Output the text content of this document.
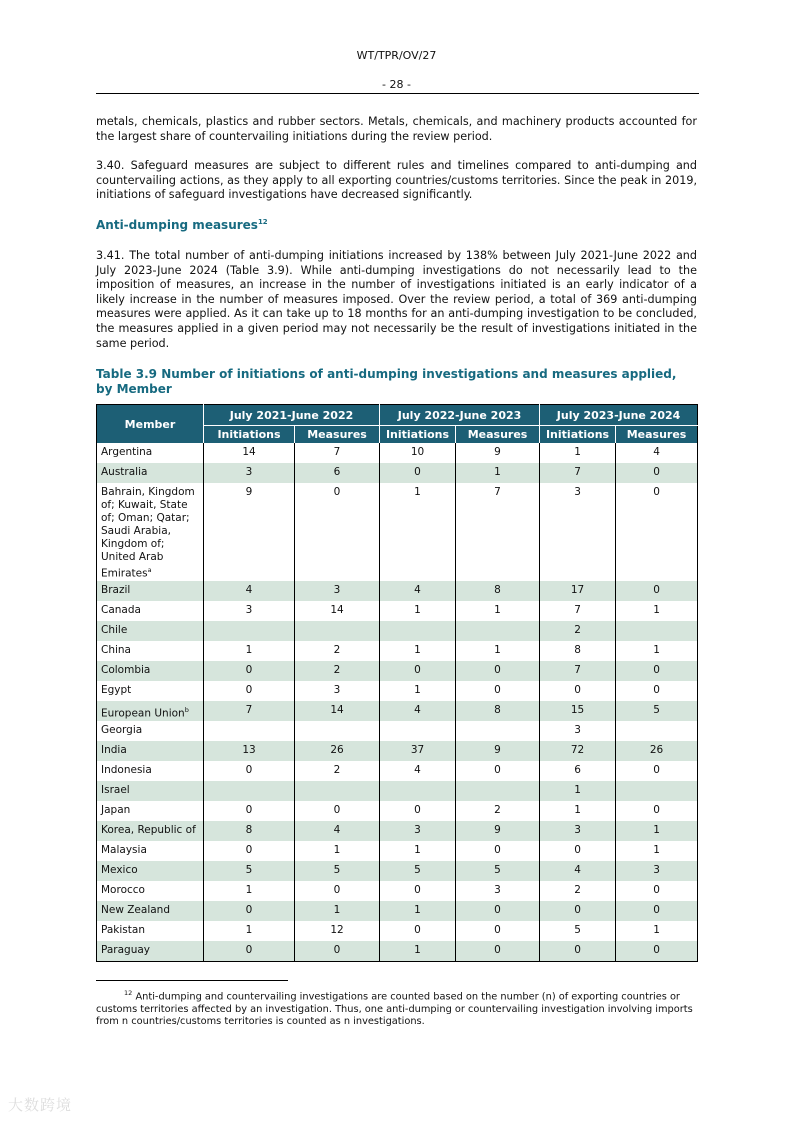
WT/TPR/OV/27
- 28 -
metals, chemicals, plastics and rubber sectors. Metals, chemicals, and machinery products accounted for the largest share of countervailing initiations during the review period.
3.40. Safeguard measures are subject to different rules and timelines compared to anti-dumping and countervailing actions, as they apply to all exporting countries/customs territories. Since the peak in 2019, initiations of safeguard investigations have decreased significantly.
Anti-dumping measures$^{12}$
3.41. The total number of anti-dumping initiations increased by 138% between July 2021-June 2022 and July 2023-June 2024 (Table 3.9). While anti-dumping investigations do not necessarily lead to the imposition of measures, an increase in the number of investigations initiated is an early indicator of a likely increase in the number of measures imposed. Over the review period, a total of 369 anti-dumping measures were applied. As it can take up to 18 months for an anti-dumping investigation to be concluded, the measures applied in a given period may not necessarily be the result of investigations initiated in the same period.
Table 3.9 Number of initiations of anti-dumping investigations and measures applied, by Member
Member	July 2021-June 2022		July 2022-June 2023		July 2023-June 2024	
	Initiations	Measures	Initiations	Measures	Initiations	Measures
Argentina	14	7	10	9	1	4
Australia	3	6	0	1	7	0
Bahrain, Kingdom of; Kuwait, State of; Oman; Qatar; Saudi Arabia, Kingdom of; United Arab Emirates$^a$	9	0	1	7	3	0
Brazil	4	3	4	8	17	0
Canada	3	14	1	1	7	1
Chile					2	
China	1	2	1	1	8	1
Colombia	0	2	0	0	7	0
Egypt	0	3	1	0	0	0
European Union$^b$	7	14	4	8	15	5
Georgia					3	
India	13	26	37	9	72	26
Indonesia	0	2	4	0	6	0
Israel					1	
Japan	0	0	0	2	1	0
Korea, Republic of	8	4	3	9	3	1
Malaysia	0	1	1	0	0	1
Mexico	5	5	5	5	4	3
Morocco	1	0	0	3	2	0
New Zealand	0	1	1	0	0	0
Pakistan	1	12	0	0	5	1
Paraguay	0	0	1	0	0	0
$^{12}$ Anti-dumping and countervailing investigations are counted based on the number (n) of exporting countries or customs territories affected by an investigation. Thus, one anti-dumping or countervailing investigation involving imports from n countries/customs territories is counted as n investigations.
大数跨境
